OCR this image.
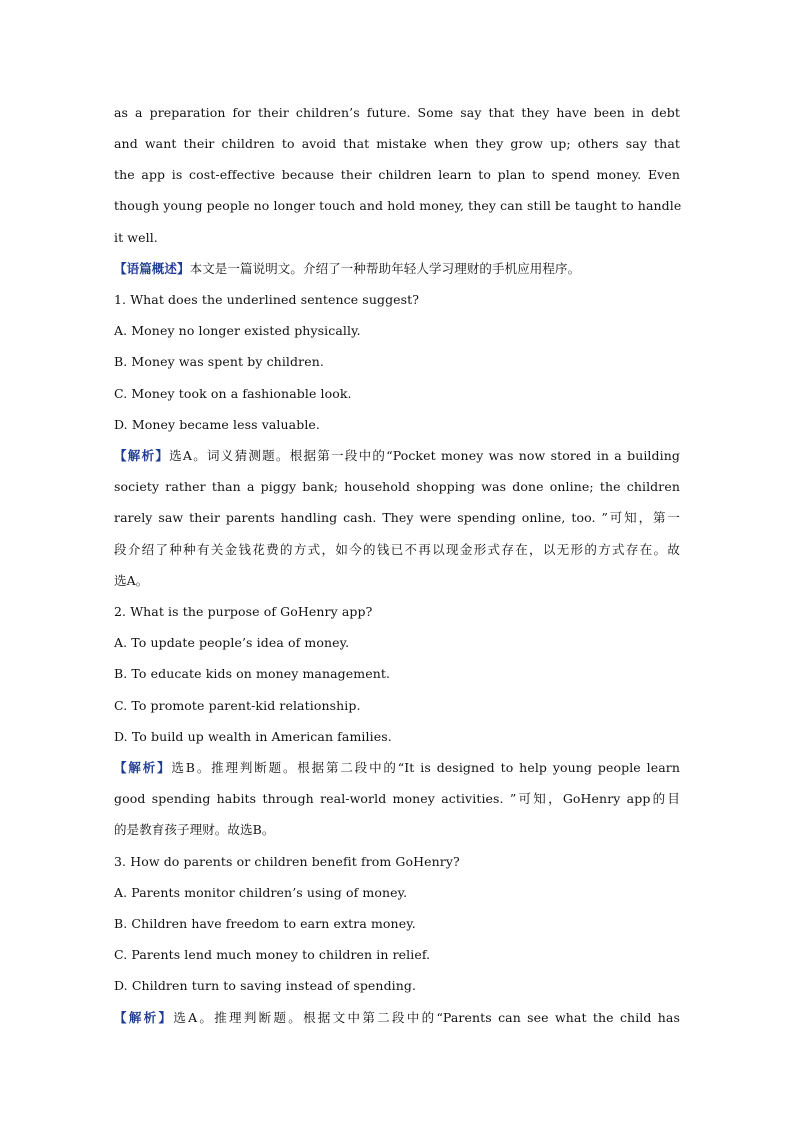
as a preparation for their children’s future. Some say that they have been in debt
and want their children to avoid that mistake when they grow up; others say that
the app is cost-effective because their children learn to plan to spend money. Even
though young people no longer touch and hold money, they can still be taught to handle
it well.
【语篇概述】本文是一篇说明文。介绍了一种帮助年轻人学习理财的手机应用程序。
1. What does the underlined sentence suggest?
A. Money no longer existed physically.
B. Money was spent by children.
C. Money took on a fashionable look.
D. Money became less valuable.
【解析】选A。词义猜测题。根据第一段中的“Pocket money was now stored in a building
society rather than a piggy bank; household shopping was done online; the children
rarely saw their parents handling cash. They were spending online, too. ”可知，第一
段介绍了种种有关金钱花费的方式，如今的钱已不再以现金形式存在，以无形的方式存在。故
选A。
2. What is the purpose of GoHenry app?
A. To update people’s idea of money.
B. To educate kids on money management.
C. To promote parent-kid relationship.
D. To build up wealth in American families.
【解析】选B。推理判断题。根据第二段中的“It is designed to help young people learn
good spending habits through real-world money activities. ”可知，GoHenry app的目
的是教育孩子理财。故选B。
3. How do parents or children benefit from GoHenry?
A. Parents monitor children’s using of money.
B. Children have freedom to earn extra money.
C. Parents lend much money to children in relief.
D. Children turn to saving instead of spending.
【解析】选A。推理判断题。根据文中第二段中的“Parents can see what the child has
